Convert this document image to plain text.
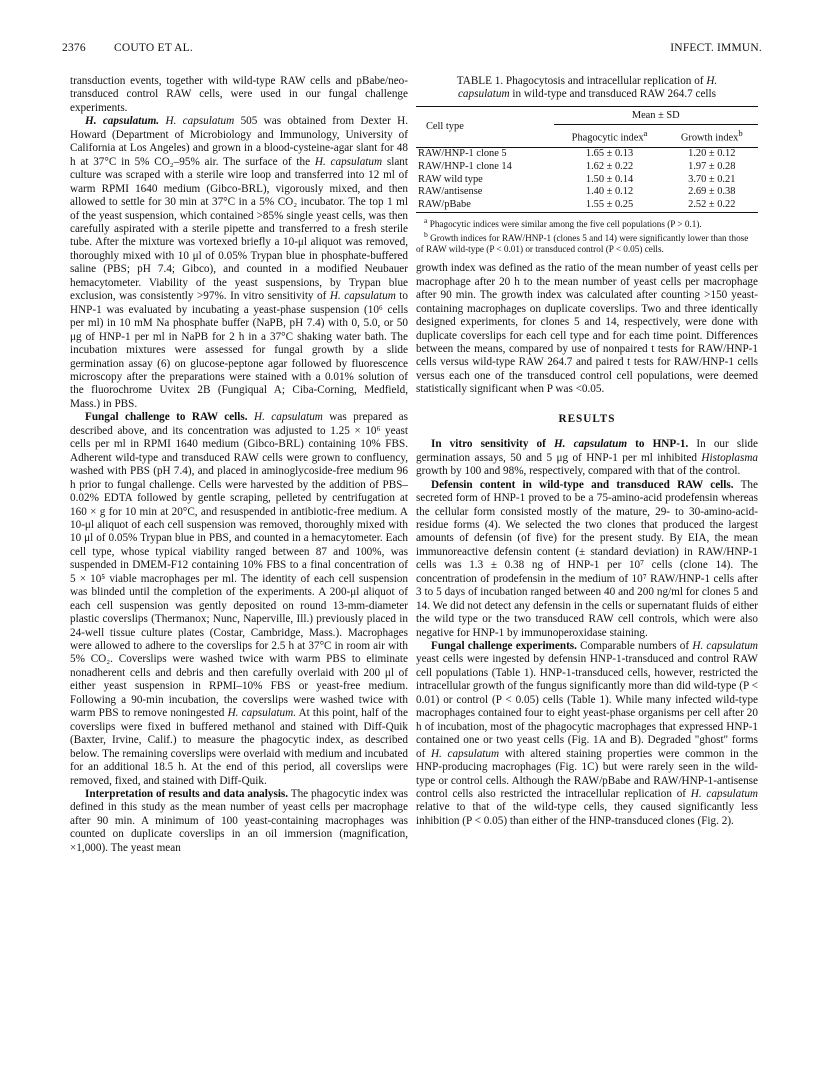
2376 COUTO ET AL.	INFECT. IMMUN.

transduction events, together with wild-type RAW cells and pBabe/neo-transduced control RAW cells, were used in our fungal challenge experiments.

H. capsulatum. H. capsulatum 505 was obtained from Dexter H. Howard (Department of Microbiology and Immunology, University of California at Los Angeles) and grown in a blood-cysteine-agar slant for 48 h at 37°C in 5% CO₂–95% air. The surface of the H. capsulatum slant culture was scraped with a sterile wire loop and transferred into 12 ml of warm RPMI 1640 medium (Gibco-BRL), vigorously mixed, and then allowed to settle for 30 min at 37°C in a 5% CO₂ incubator. The top 1 ml of the yeast suspension, which contained >85% single yeast cells, was then carefully aspirated with a sterile pipette and transferred to a fresh sterile tube. After the mixture was vortexed briefly a 10-μl aliquot was removed, thoroughly mixed with 10 μl of 0.05% Trypan blue in phosphate-buffered saline (PBS; pH 7.4; Gibco), and counted in a modified Neubauer hemacytometer. Viability of the yeast suspensions, by Trypan blue exclusion, was consistently >97%. In vitro sensitivity of H. capsulatum to HNP-1 was evaluated by incubating a yeast-phase suspension (10⁶ cells per ml) in 10 mM Na phosphate buffer (NaPB, pH 7.4) with 0, 5.0, or 50 μg of HNP-1 per ml in NaPB for 2 h in a 37°C shaking water bath. The incubation mixtures were assessed for fungal growth by a slide germination assay (6) on glucose-peptone agar followed by fluorescence microscopy after the preparations were stained with a 0.01% solution of the fluorochrome Uvitex 2B (Fungiqual A; Ciba-Corning, Medfield, Mass.) in PBS.

Fungal challenge to RAW cells. H. capsulatum was prepared as described above, and its concentration was adjusted to 1.25 × 10⁶ yeast cells per ml in RPMI 1640 medium (Gibco-BRL) containing 10% FBS. Adherent wild-type and transduced RAW cells were grown to confluency, washed with PBS (pH 7.4), and placed in aminoglycoside-free medium 96 h prior to fungal challenge. Cells were harvested by the addition of PBS–0.02% EDTA followed by gentle scraping, pelleted by centrifugation at 160 × g for 10 min at 20°C, and resuspended in antibiotic-free medium. A 10-μl aliquot of each cell suspension was removed, thoroughly mixed with 10 μl of 0.05% Trypan blue in PBS, and counted in a hemacytometer. Each cell type, whose typical viability ranged between 87 and 100%, was suspended in DMEM-F12 containing 10% FBS to a final concentration of 5 × 10⁵ viable macrophages per ml. The identity of each cell suspension was blinded until the completion of the experiments. A 200-μl aliquot of each cell suspension was gently deposited on round 13-mm-diameter plastic coverslips (Thermanox; Nunc, Naperville, Ill.) previously placed in 24-well tissue culture plates (Costar, Cambridge, Mass.). Macrophages were allowed to adhere to the coverslips for 2.5 h at 37°C in room air with 5% CO₂. Coverslips were washed twice with warm PBS to eliminate nonadherent cells and debris and then carefully overlaid with 200 μl of either yeast suspension in RPMI–10% FBS or yeast-free medium. Following a 90-min incubation, the coverslips were washed twice with warm PBS to remove noningested H. capsulatum. At this point, half of the coverslips were fixed in buffered methanol and stained with Diff-Quik (Baxter, Irvine, Calif.) to measure the phagocytic index, as described below. The remaining coverslips were overlaid with medium and incubated for an additional 18.5 h. At the end of this period, all coverslips were removed, fixed, and stained with Diff-Quik.

Interpretation of results and data analysis. The phagocytic index was defined in this study as the mean number of yeast cells per macrophage after 90 min. A minimum of 100 yeast-containing macrophages was counted on duplicate coverslips in an oil immersion (magnification, ×1,000). The yeast mean

TABLE 1. Phagocytosis and intracellular replication of H. capsulatum in wild-type and transduced RAW 264.7 cells
Cell type	Mean ± SD	
	Phagocytic index$^a$	Growth index$^b$
RAW/HNP-1 clone 5	1.65 ± 0.13	1.20 ± 0.12
RAW/HNP-1 clone 14	1.62 ± 0.22	1.97 ± 0.28
RAW wild type	1.50 ± 0.14	3.70 ± 0.21
RAW/antisense	1.40 ± 0.12	2.69 ± 0.38
RAW/pBabe	1.55 ± 0.25	2.52 ± 0.22
$^a$ Phagocytic indices were similar among the five cell populations (P > 0.1).
$^b$ Growth indices for RAW/HNP-1 (clones 5 and 14) were significantly lower than those of RAW wild-type (P < 0.01) or transduced control (P < 0.05) cells.

growth index was defined as the ratio of the mean number of yeast cells per macrophage after 20 h to the mean number of yeast cells per macrophage after 90 min. The growth index was calculated after counting >150 yeast-containing macrophages on duplicate coverslips. Two and three identically designed experiments, for clones 5 and 14, respectively, were done with duplicate coverslips for each cell type and for each time point. Differences between the means, compared by use of nonpaired t tests for RAW/HNP-1 cells versus wild-type RAW 264.7 and paired t tests for RAW/HNP-1 cells versus each one of the transduced control cell populations, were deemed statistically significant when P was <0.05.

RESULTS

In vitro sensitivity of H. capsulatum to HNP-1. In our slide germination assays, 50 and 5 μg of HNP-1 per ml inhibited Histoplasma growth by 100 and 98%, respectively, compared with that of the control.

Defensin content in wild-type and transduced RAW cells. The secreted form of HNP-1 proved to be a 75-amino-acid prodefensin whereas the cellular form consisted mostly of the mature, 29- to 30-amino-acid-residue forms (4). We selected the two clones that produced the largest amounts of defensin (of five) for the present study. By EIA, the mean immunoreactive defensin content (± standard deviation) in RAW/HNP-1 cells was 1.3 ± 0.38 ng of HNP-1 per 10⁷ cells (clone 14). The concentration of prodefensin in the medium of 10⁷ RAW/HNP-1 cells after 3 to 5 days of incubation ranged between 40 and 200 ng/ml for clones 5 and 14. We did not detect any defensin in the cells or supernatant fluids of either the wild type or the two transduced RAW cell controls, which were also negative for HNP-1 by immunoperoxidase staining.

Fungal challenge experiments. Comparable numbers of H. capsulatum yeast cells were ingested by defensin HNP-1-transduced and control RAW cell populations (Table 1). HNP-1-transduced cells, however, restricted the intracellular growth of the fungus significantly more than did wild-type (P < 0.01) or control (P < 0.05) cells (Table 1). While many infected wild-type macrophages contained four to eight yeast-phase organisms per cell after 20 h of incubation, most of the phagocytic macrophages that expressed HNP-1 contained one or two yeast cells (Fig. 1A and B). Degraded "ghost" forms of H. capsulatum with altered staining properties were common in the HNP-producing macrophages (Fig. 1C) but were rarely seen in the wild-type or control cells. Although the RAW/pBabe and RAW/HNP-1-antisense control cells also restricted the intracellular replication of H. capsulatum relative to that of the wild-type cells, they caused significantly less inhibition (P < 0.05) than either of the HNP-transduced clones (Fig. 2).
